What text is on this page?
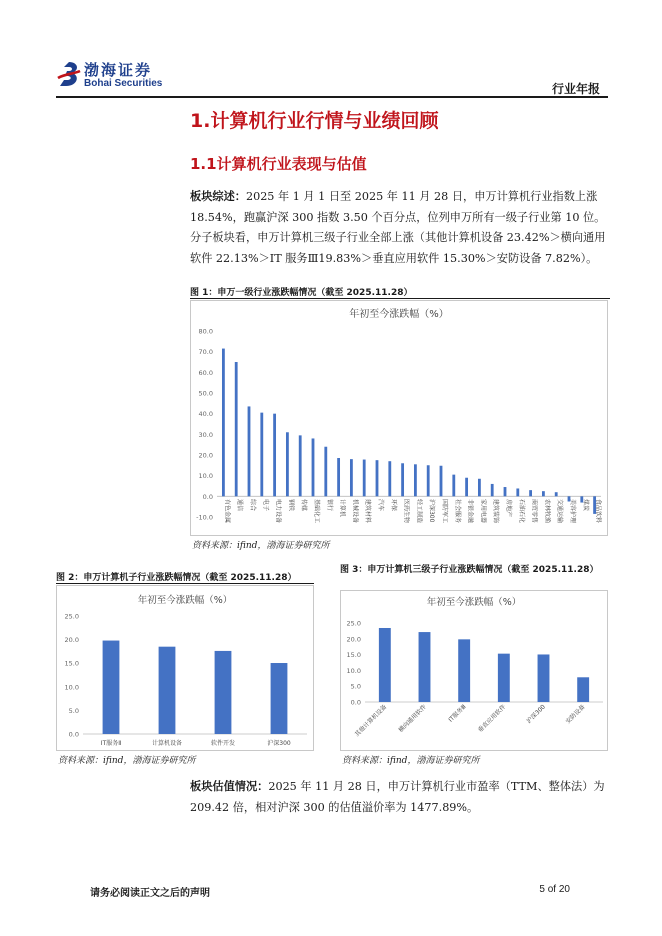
渤海证券
Bohai Securities	行业年报
1.计算机行业行情与业绩回顾
1.1计算机行业表现与估值
板块综述：2025 年 1 月 1 日至 2025 年 11 月 28 日，申万计算机行业指数上涨 18.54%，跑赢沪深 300 指数 3.50 个百分点，位列申万所有一级子行业第 10 位。分子板块看，申万计算机三级子行业全部上涨（其他计算机设备 23.42%＞横向通用软件 22.13%＞IT 服务Ⅲ19.83%＞垂直应用软件 15.30%＞安防设备 7.82%）。
图 1：申万一级行业涨跌幅情况（截至 2025.11.28）
年初至今涨跌幅（%）
-10.0
0.0
10.0
20.0
30.0
40.0
50.0
60.0
70.0
80.0
有色金属 通信 综合 电子 电力设备 钢铁 传媒 基础化工 银行 计算机 机械设备 建筑材料 汽车 环保 医药生物 轻工制造 沪深300 国防军工 社会服务 非银金融 家用电器 建筑装饰 房地产 石油石化 商贸零售 农林牧渔 交通运输 美容护理 煤炭 食品饮料
资料来源：ifind，渤海证券研究所
图 2：申万计算机子行业涨跌幅情况（截至 2025.11.28）
年初至今涨跌幅（%）
0.0
5.0
10.0
15.0
20.0
25.0
IT服务Ⅱ	计算机设备	软件开发	沪深300
资料来源：ifind，渤海证券研究所
图 3：申万计算机三级子行业涨跌幅情况（截至 2025.11.28）
年初至今涨跌幅（%）
0.0
5.0
10.0
15.0
20.0
25.0
其他计算机设备 横向通用软件	IT服务Ⅲ 垂直应用软件	沪深300	安防设备
资料来源：ifind，渤海证券研究所
板块估值情况：2025 年 11 月 28 日，申万计算机行业市盈率（TTM、整体法）为 209.42 倍，相对沪深 300 的估值溢价率为 1477.89%。
请务必阅读正文之后的声明	5 of 20
